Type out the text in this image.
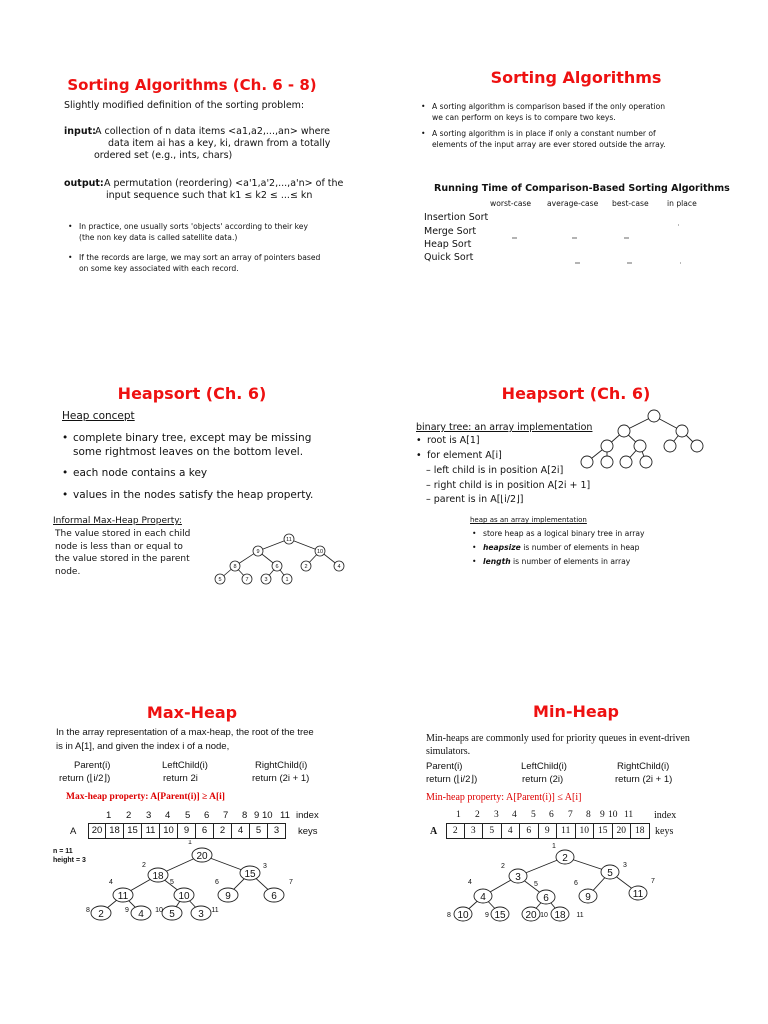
Sorting Algorithms (Ch. 6 - 8)
Slightly modified definition of the sorting problem:
input: A collection of n data items <a1,a2,...,an> where
data item ai has a key, ki, drawn from a totally
ordered set (e.g., ints, chars)
output: A permutation (reordering) <a'1,a'2,...,a'n> of the
input sequence such that k1 ≤ k2 ≤ ...≤ kn
• In practice, one usually sorts 'objects' according to their key
(the non key data is called satellite data.)
• If the records are large, we may sort an array of pointers based
on some key associated with each record.
Sorting Algorithms
• A sorting algorithm is comparison based if the only operation
we can perform on keys is to compare two keys.
• A sorting algorithm is in place if only a constant number of
elements of the input array are ever stored outside the array.
Running Time of Comparison-Based Sorting Algorithms
worst-case average-case best-case in place
Insertion Sort
Merge Sort
Heap Sort
Quick Sort
Heapsort (Ch. 6)
Heap concept
• complete binary tree, except may be missing
some rightmost leaves on the bottom level.
• each node contains a key
• values in the nodes satisfy the heap property.
Informal Max-Heap Property:
The value stored in each child
node is less than or equal to
the value stored in the parent
node.
11
9	10
8	6	2	4
5	7	3	1
Heapsort (Ch. 6)
binary tree: an array implementation
• root is A[1]
• for element A[i]
– left child is in position A[2i]
– right child is in position A[2i + 1]
– parent is in A[⌊i/2⌋]
heap as an array implementation
• store heap as a logical binary tree in array
• heapsize is number of elements in heap
• length is number of elements in array
Max-Heap
In the array representation of a max-heap, the root of the tree
is in A[1], and given the index i of a node,
Parent(i)
return (⌊i/2⌋)
LeftChild(i)
return 2i
RightChild(i)
return (2i + 1)
Max-heap property: A[Parent(i)] ≥ A[i]
1 2 3 4 5 6 7 8 9 10 11 index
A	20 18 15 11 10	9	6	2	4	5	3	keys
n = 11
height = 3	20
18	15
11	10	9	6
2	4	5 3
1
2	3
4	5	6	7
8	9	10	11
Min-Heap
Min-heaps are commonly used for priority queues in event-driven
simulators.
Parent(i)
return (⌊i/2⌋)
LeftChild(i)
return (2i)
RightChild(i)
return (2i + 1)
Min-heap property: A[Parent(i)] ≤ A[i]
1 2 3 4 5 6 7 8 9 10 11 index
A	2	3	5	4	6	9	11 10 15 20 18	keys
2
3	5
4	6	9	11
10	15 20 18
1
2	3
4	5	6	7
8	9	10	11
